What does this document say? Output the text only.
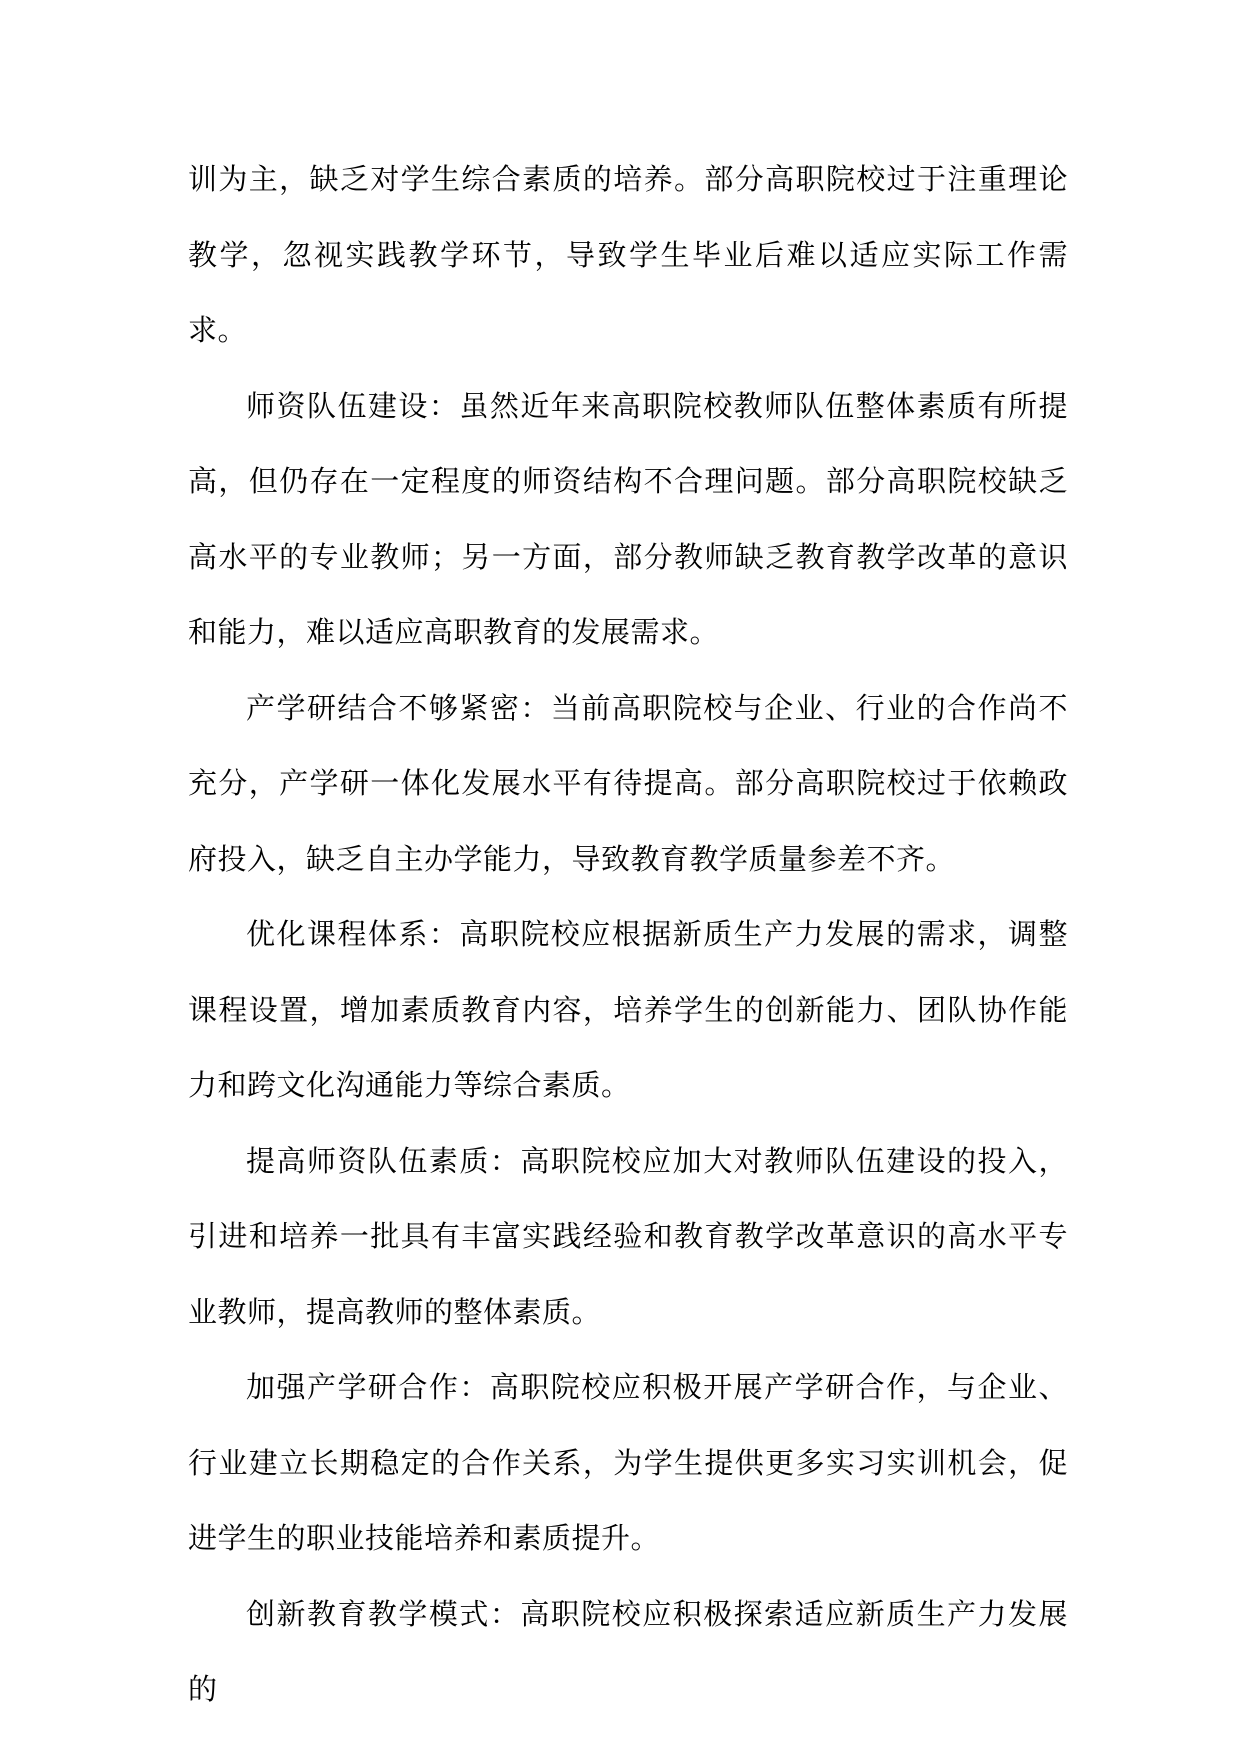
训为主，缺乏对学生综合素质的培养。部分高职院校过于注重理论教学，忽视实践教学环节，导致学生毕业后难以适应实际工作需求。

师资队伍建设：虽然近年来高职院校教师队伍整体素质有所提高，但仍存在一定程度的师资结构不合理问题。部分高职院校缺乏高水平的专业教师；另一方面，部分教师缺乏教育教学改革的意识和能力，难以适应高职教育的发展需求。

产学研结合不够紧密：当前高职院校与企业、行业的合作尚不充分，产学研一体化发展水平有待提高。部分高职院校过于依赖政府投入，缺乏自主办学能力，导致教育教学质量参差不齐。

优化课程体系：高职院校应根据新质生产力发展的需求，调整课程设置，增加素质教育内容，培养学生的创新能力、团队协作能力和跨文化沟通能力等综合素质。

提高师资队伍素质：高职院校应加大对教师队伍建设的投入，引进和培养一批具有丰富实践经验和教育教学改革意识的高水平专业教师，提高教师的整体素质。

加强产学研合作：高职院校应积极开展产学研合作，与企业、行业建立长期稳定的合作关系，为学生提供更多实习实训机会，促进学生的职业技能培养和素质提升。

创新教育教学模式：高职院校应积极探索适应新质生产力发展的
